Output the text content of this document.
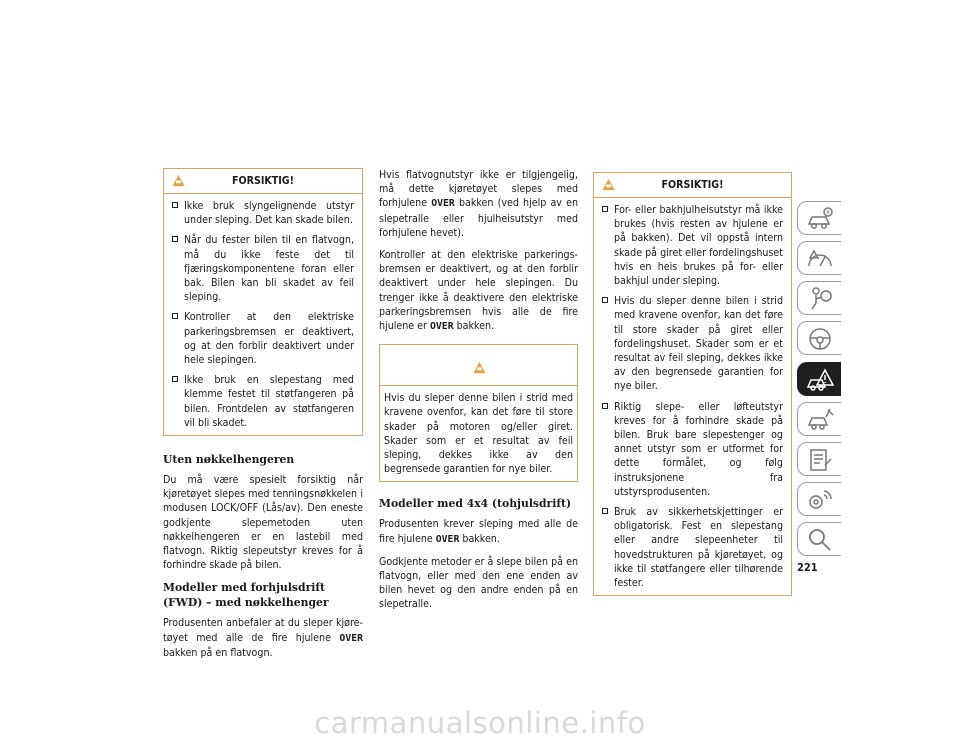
FORSIKTIG!
Ikke bruk slyngelignende utstyr under sleping. Det kan skade bilen.
Når du fester bilen til en flatvogn, må du ikke feste det til fjæringskomponentene foran eller bak. Bilen kan bli skadet av feil sleping.
Kontroller at den elektriske parkeringsbremsen er deaktivert, og at den forblir deaktivert under hele slepingen.
Ikke bruk en slepestang med klemme festet til støtfangeren på bilen. Frontdelen av støtfangeren vil bli skadet.
Uten nøkkelhengeren

Du må være spesielt forsiktig når kjøretøyet slepes med tenningsnøkkelen i modusen LOCK/OFF (Lås/av). Den eneste godkjente slepemetoden uten nøkkelhengeren er en lastebil med flatvogn. Riktig slepeutstyr kreves for å forhindre skade på bilen.

Modeller med forhjulsdrift (FWD) – med nøkkelhenger

Produsenten anbefaler at du sleper kjøretøyet med alle de fire hjulene OVER bakken på en flatvogn.

Hvis flatvognutstyr ikke er tilgjengelig, må dette kjøretøyet slepes med forhjulene OVER bakken (ved hjelp av en slepetralle eller hjulheisutstyr med forhjulene hevet).

Kontroller at den elektriske parkeringsbremsen er deaktivert, og at den forblir deaktivert under hele slepingen. Du trenger ikke å deaktivere den elektriske parkeringsbremsen hvis alle de fire hjulene er OVER bakken.

Hvis du sleper denne bilen i strid med kravene ovenfor, kan det føre til store skader på motoren og/eller giret. Skader som er et resultat av feil sleping, dekkes ikke av den begrensede garantien for nye biler.
Modeller med 4x4 (tohjulsdrift)

Produsenten krever sleping med alle de fire hjulene OVER bakken.

Godkjente metoder er å slepe bilen på en flatvogn, eller med den ene enden av bilen hevet og den andre enden på en slepetralle.

FORSIKTIG!
For- eller bakhjulheisutstyr må ikke brukes (hvis resten av hjulene er på bakken). Det vil oppstå intern skade på giret eller fordelingshuset hvis en heis brukes på for- eller bakhjul under sleping.
Hvis du sleper denne bilen i strid med kravene ovenfor, kan det føre til store skader på giret eller fordelingshuset. Skader som er et resultat av feil sleping, dekkes ikke av den begrensede garantien for nye biler.
Riktig slepe- eller løfteutstyr kreves for å forhindre skade på bilen. Bruk bare slepestenger og annet utstyr som er utformet for dette formålet, og følg instruksjonene fra utstyrsprodusenten.
Bruk av sikkerhetskjettinger er obligatorisk. Fest en slepestang eller andre slepeenheter til hovedstrukturen på kjøretøyet, og ikke til støtfangere eller tilhørende fester.
221
carmanualsonline.info
